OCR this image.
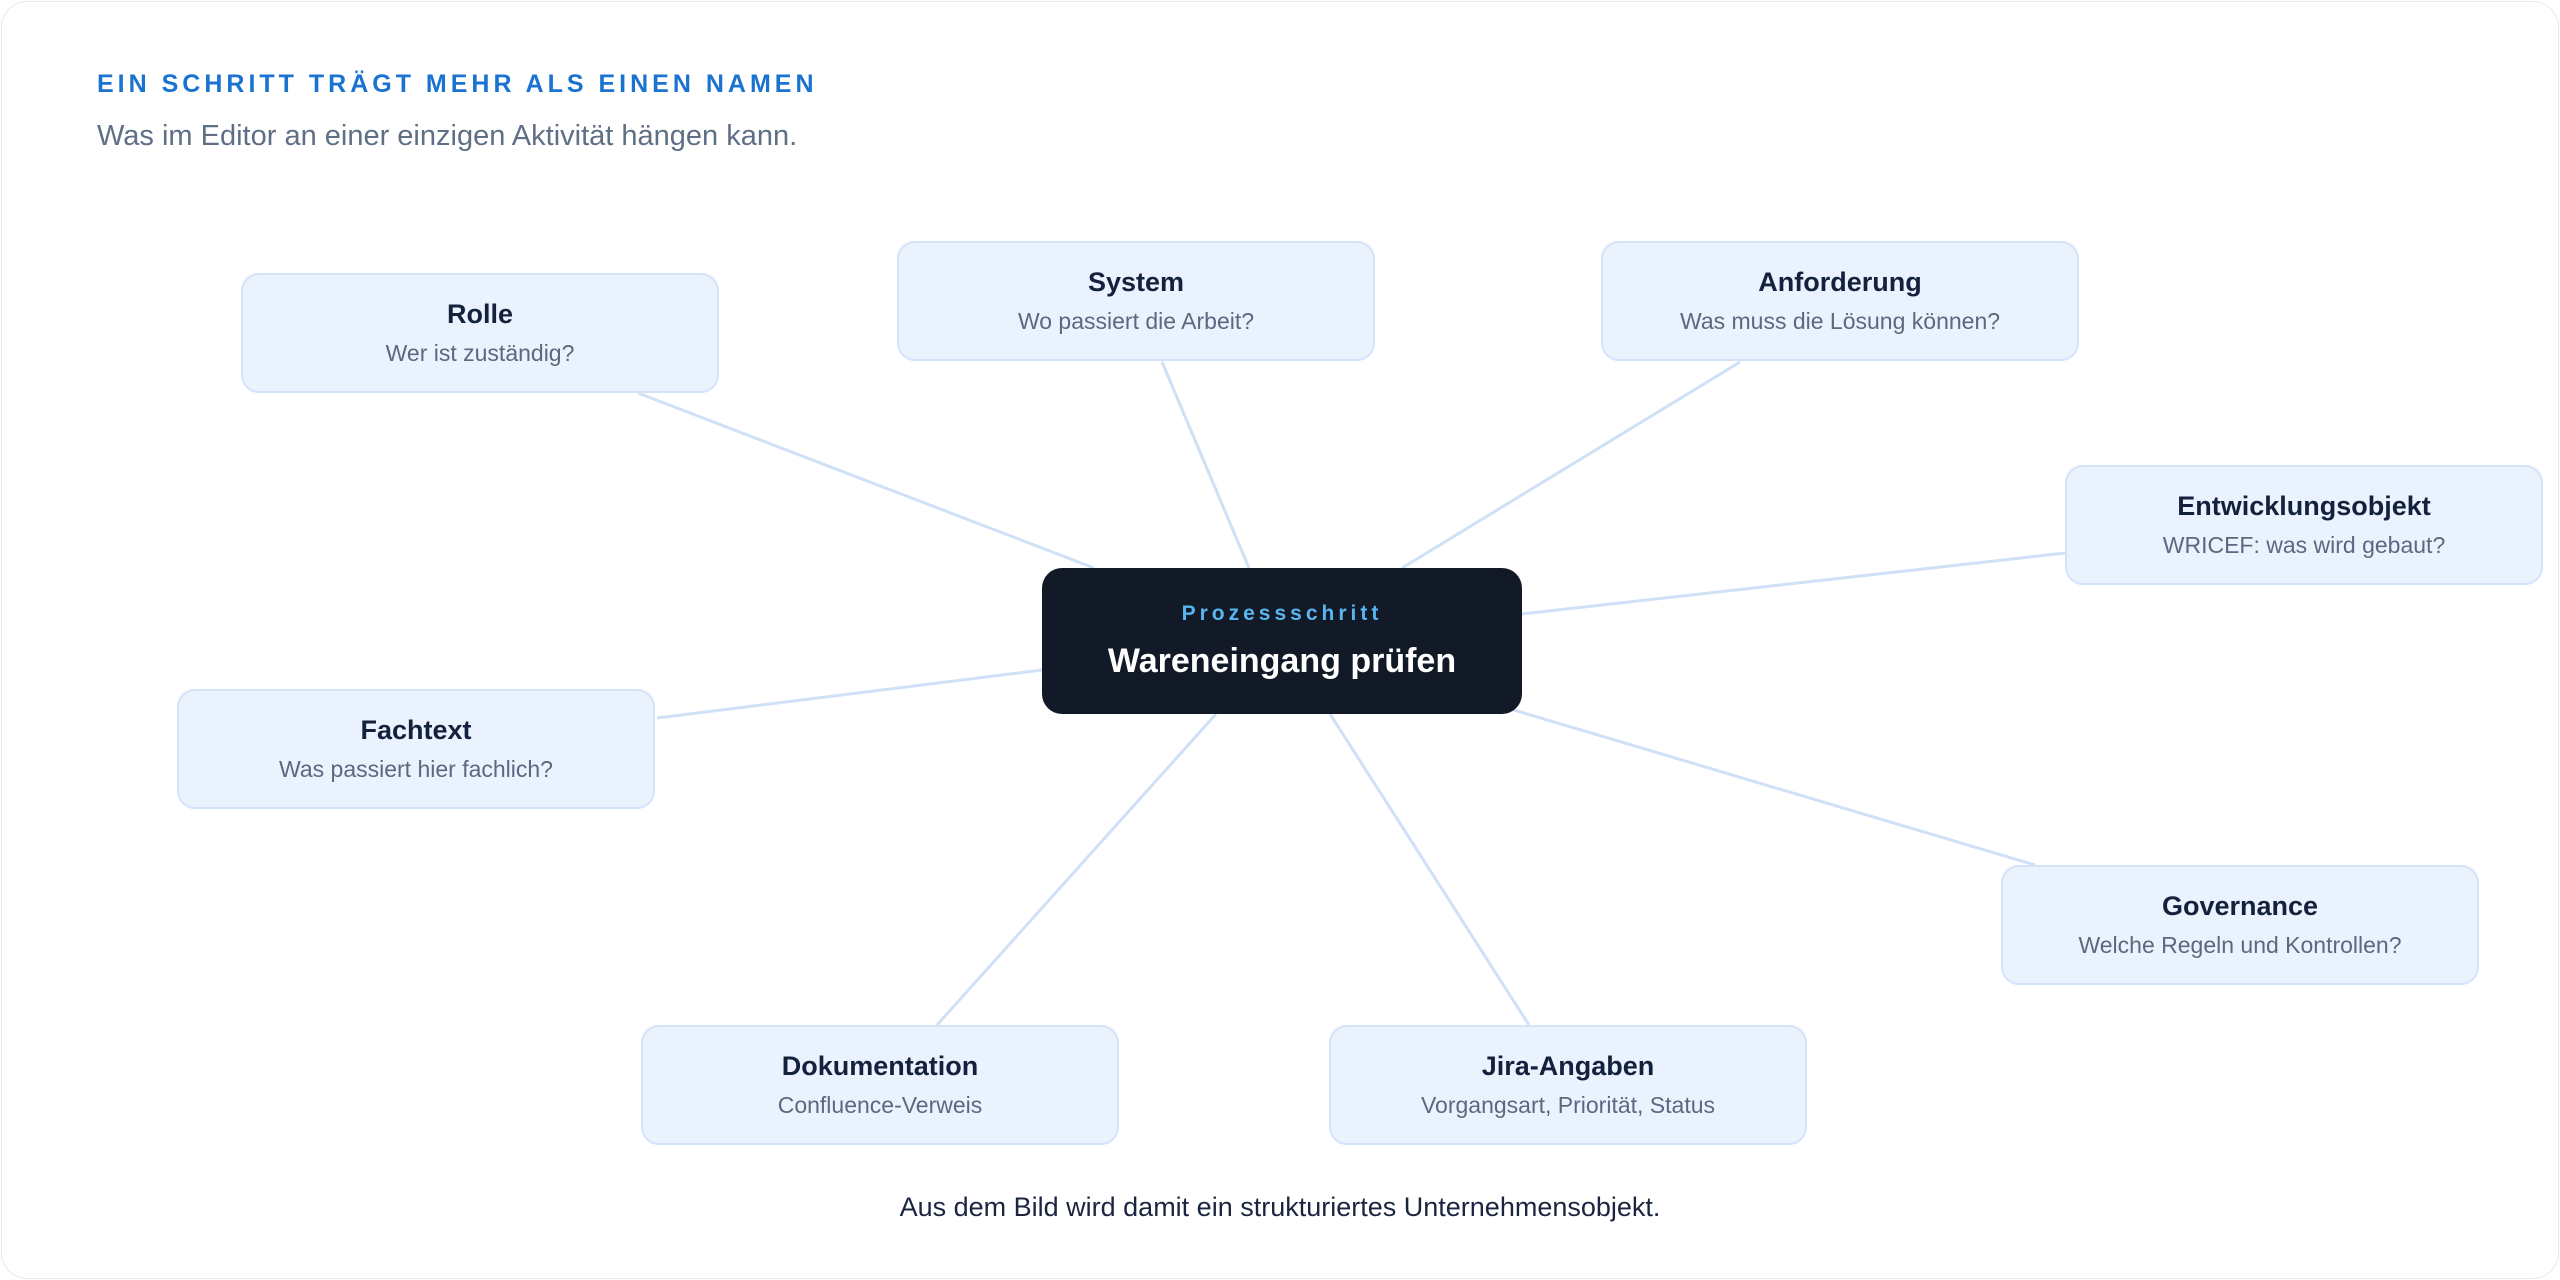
EIN SCHRITT TRÄGT MEHR ALS EINEN NAMEN
Was im Editor an einer einzigen Aktivität hängen kann.
Prozessschritt
Wareneingang prüfen
Rolle
Wer ist zuständig?
System
Wo passiert die Arbeit?
Anforderung
Was muss die Lösung können?
Entwicklungsobjekt
WRICEF: was wird gebaut?
Fachtext
Was passiert hier fachlich?
Governance
Welche Regeln und Kontrollen?
Dokumentation
Confluence-Verweis
Jira-Angaben
Vorgangsart, Priorität, Status
Aus dem Bild wird damit ein strukturiertes Unternehmensobjekt.
